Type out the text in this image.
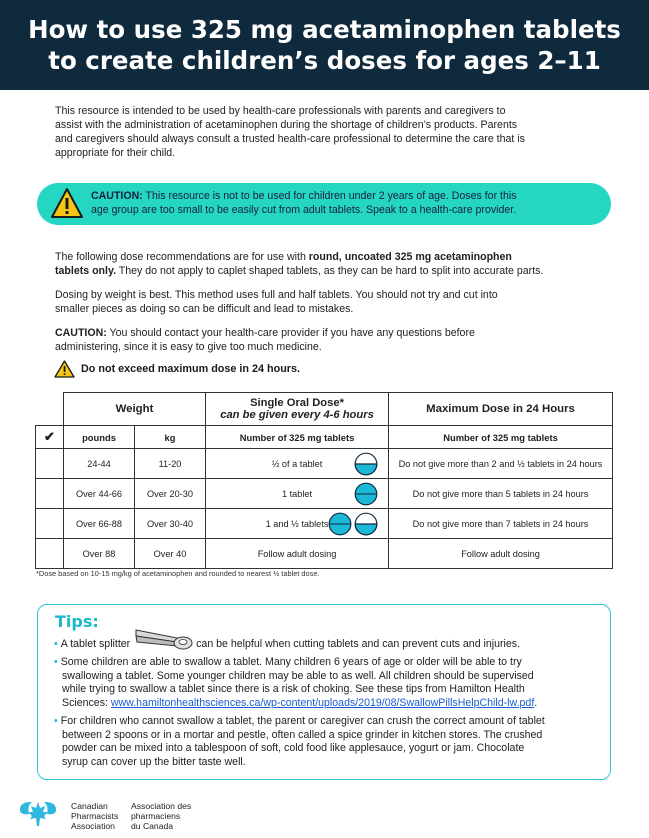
How to use 325 mg acetaminophen tablets
to create children’s doses for ages 2–11
This resource is intended to be used by health-care professionals with parents and caregivers to
assist with the administration of acetaminophen during the shortage of children’s products. Parents
and caregivers should always consult a trusted health-care professional to determine the care that is
appropriate for their child.
CAUTION: This resource is not to be used for children under 2 years of age. Doses for this
age group are too small to be easily cut from adult tablets. Speak to a health-care provider.
The following dose recommendations are for use with round, uncoated 325 mg acetaminophen
tablets only. They do not apply to caplet shaped tablets, as they can be hard to split into accurate parts.
Dosing by weight is best. This method uses full and half tablets. You should not try and cut into
smaller pieces as doing so can be difficult and lead to mistakes.
CAUTION: You should contact your health-care provider if you have any questions before
administering, since it is easy to give too much medicine.
Do not exceed maximum dose in 24 hours.
	Weight		Single Oral Dose*
can be given every 4-6 hours	Maximum Dose in 24 Hours
✔	pounds	kg	Number of 325 mg tablets	Number of 325 mg tablets
	24-44	11-20	½ of a tablet	Do not give more than 2 and ½ tablets in 24 hours
	Over 44-66	Over 20-30	1 tablet	Do not give more than 5 tablets in 24 hours
	Over 66-88	Over 30-40	1 and ½ tablets	Do not give more than 7 tablets in 24 hours
	Over 88	Over 40	Follow adult dosing	Follow adult dosing
*Dose based on 10-15 mg/kg of acetaminophen and rounded to nearest ½ tablet dose.
Tips:
• A tablet splitter	can be helpful when cutting tablets and can prevent cuts and injuries.
• Some children are able to swallow a tablet. Many children 6 years of age or older will be able to try
swallowing a tablet. Some younger children may be able to as well. All children should be supervised
while trying to swallow a tablet since there is a risk of choking. See these tips from Hamilton Health
Sciences: www.hamiltonhealthsciences.ca/wp-content/uploads/2019/08/SwallowPillsHelpChild-lw.pdf.
• For children who cannot swallow a tablet, the parent or caregiver can crush the correct amount of tablet
between 2 spoons or in a mortar and pestle, often called a spice grinder in kitchen stores. The crushed
powder can be mixed into a tablespoon of soft, cold food like applesauce, yogurt or jam. Chocolate
syrup can cover up the bitter taste well.
Canadian
Pharmacists
Association
Association des
pharmaciens
du Canada
